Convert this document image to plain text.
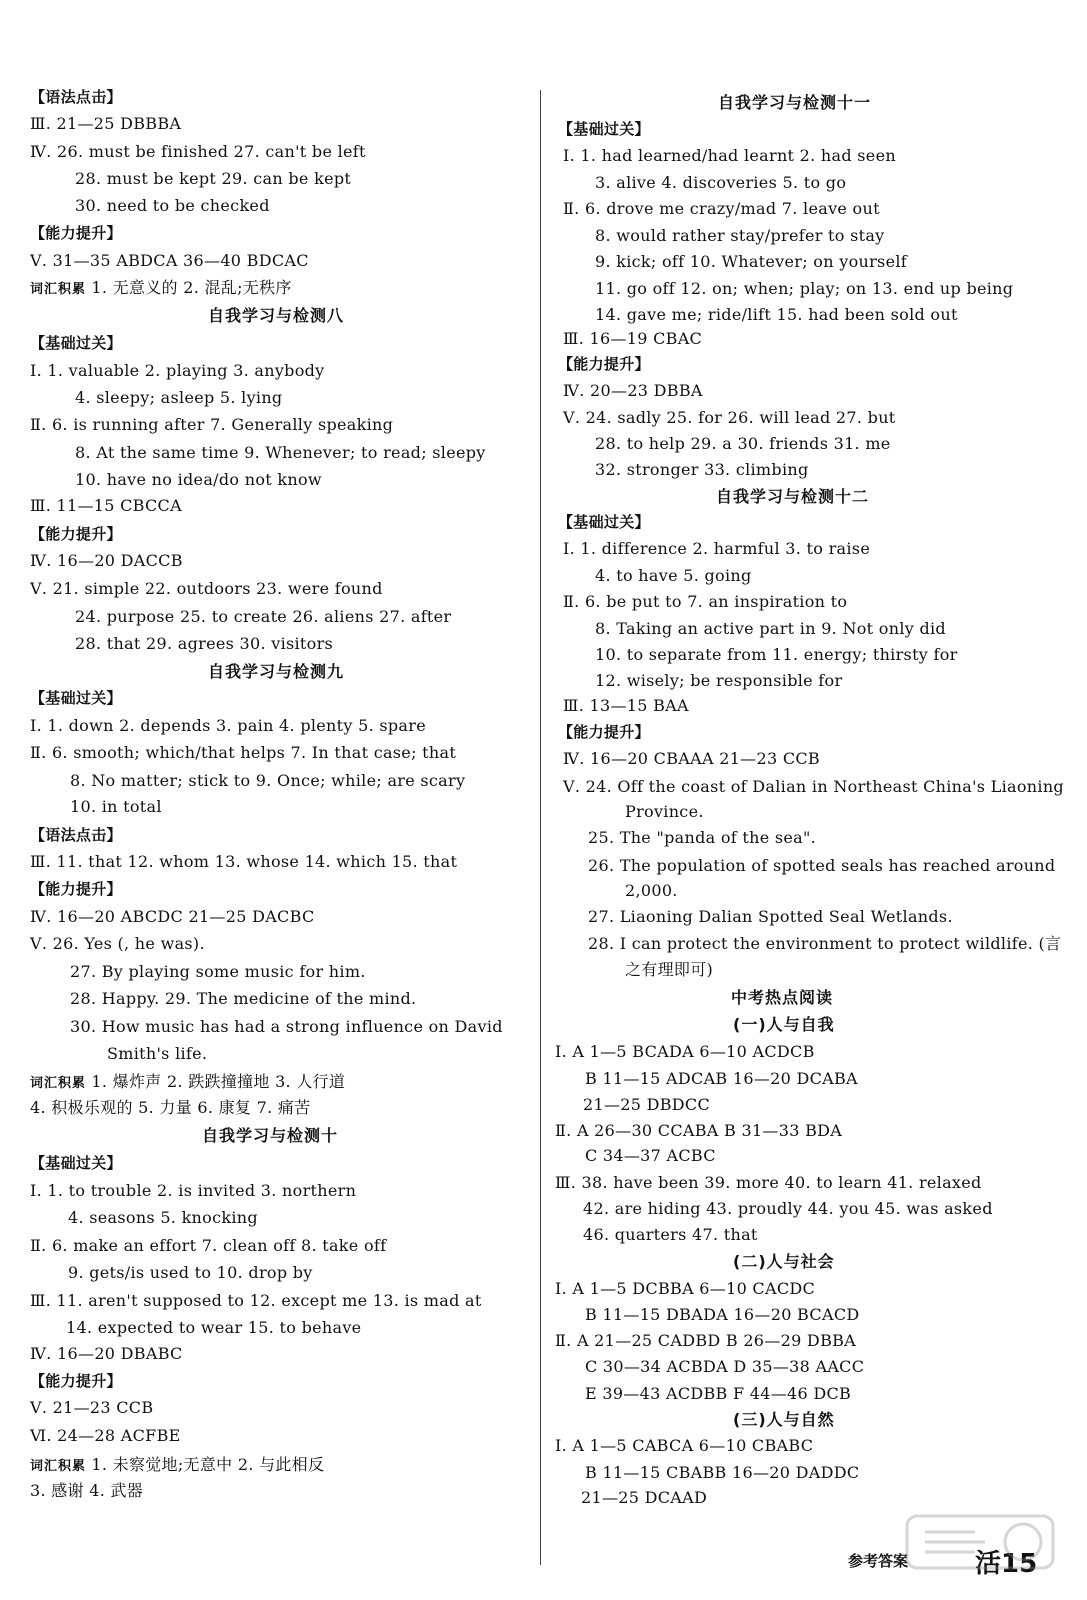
【语法点击】
Ⅲ. 21—25 DBBBA
Ⅳ. 26. must be finished 27. can't be left
28. must be kept 29. can be kept
30. need to be checked
【能力提升】
Ⅴ. 31—35 ABDCA 36—40 BDCAC
词汇积累 1. 无意义的 2. 混乱;无秩序
自我学习与检测八
【基础过关】
Ⅰ. 1. valuable 2. playing 3. anybody
4. sleepy; asleep 5. lying
Ⅱ. 6. is running after 7. Generally speaking
8. At the same time 9. Whenever; to read; sleepy
10. have no idea/do not know
Ⅲ. 11—15 CBCCA
【能力提升】
Ⅳ. 16—20 DACCB
Ⅴ. 21. simple 22. outdoors 23. were found
24. purpose 25. to create 26. aliens 27. after
28. that 29. agrees 30. visitors
自我学习与检测九
【基础过关】
Ⅰ. 1. down 2. depends 3. pain 4. plenty 5. spare
Ⅱ. 6. smooth; which/that helps 7. In that case; that
8. No matter; stick to 9. Once; while; are scary
10. in total
【语法点击】
Ⅲ. 11. that 12. whom 13. whose 14. which 15. that
【能力提升】
Ⅳ. 16—20 ABCDC 21—25 DACBC
Ⅴ. 26. Yes (, he was).
27. By playing some music for him.
28. Happy. 29. The medicine of the mind.
30. How music has had a strong influence on David
Smith's life.
词汇积累 1. 爆炸声 2. 跌跌撞撞地 3. 人行道
4. 积极乐观的 5. 力量 6. 康复 7. 痛苦
自我学习与检测十
【基础过关】
Ⅰ. 1. to trouble 2. is invited 3. northern
4. seasons 5. knocking
Ⅱ. 6. make an effort 7. clean off 8. take off
9. gets/is used to 10. drop by
Ⅲ. 11. aren't supposed to 12. except me 13. is mad at
14. expected to wear 15. to behave
Ⅳ. 16—20 DBABC
【能力提升】
Ⅴ. 21—23 CCB
Ⅵ. 24—28 ACFBE
词汇积累 1. 未察觉地;无意中 2. 与此相反
3. 感谢 4. 武器
自我学习与检测十一
【基础过关】
Ⅰ. 1. had learned/had learnt 2. had seen
3. alive 4. discoveries 5. to go
Ⅱ. 6. drove me crazy/mad 7. leave out
8. would rather stay/prefer to stay
9. kick; off 10. Whatever; on yourself
11. go off 12. on; when; play; on 13. end up being
14. gave me; ride/lift 15. had been sold out
Ⅲ. 16—19 CBAC
【能力提升】
Ⅳ. 20—23 DBBA
Ⅴ. 24. sadly 25. for 26. will lead 27. but
28. to help 29. a 30. friends 31. me
32. stronger 33. climbing
自我学习与检测十二
【基础过关】
Ⅰ. 1. difference 2. harmful 3. to raise
4. to have 5. going
Ⅱ. 6. be put to 7. an inspiration to
8. Taking an active part in 9. Not only did
10. to separate from 11. energy; thirsty for
12. wisely; be responsible for
Ⅲ. 13—15 BAA
【能力提升】
Ⅳ. 16—20 CBAAA 21—23 CCB
Ⅴ. 24. Off the coast of Dalian in Northeast China's Liaoning
Province.
25. The "panda of the sea".
26. The population of spotted seals has reached around
2,000.
27. Liaoning Dalian Spotted Seal Wetlands.
28. I can protect the environment to protect wildlife. (言
之有理即可)
中考热点阅读
(一)人与自我
Ⅰ. A 1—5 BCADA 6—10 ACDCB
B 11—15 ADCAB 16—20 DCABA
21—25 DBDCC
Ⅱ. A 26—30 CCABA B 31—33 BDA
C 34—37 ACBC
Ⅲ. 38. have been 39. more 40. to learn 41. relaxed
42. are hiding 43. proudly 44. you 45. was asked
46. quarters 47. that
(二)人与社会
Ⅰ. A 1—5 DCBBA 6—10 CACDC
B 11—15 DBADA 16—20 BCACD
Ⅱ. A 21—25 CADBD B 26—29 DBBA
C 30—34 ACBDA D 35—38 AACC
E 39—43 ACDBB F 44—46 DCB
(三)人与自然
Ⅰ. A 1—5 CABCA 6—10 CBABC
B 11—15 CBABB 16—20 DADDC
21—25 DCAAD
参考答案	活15
